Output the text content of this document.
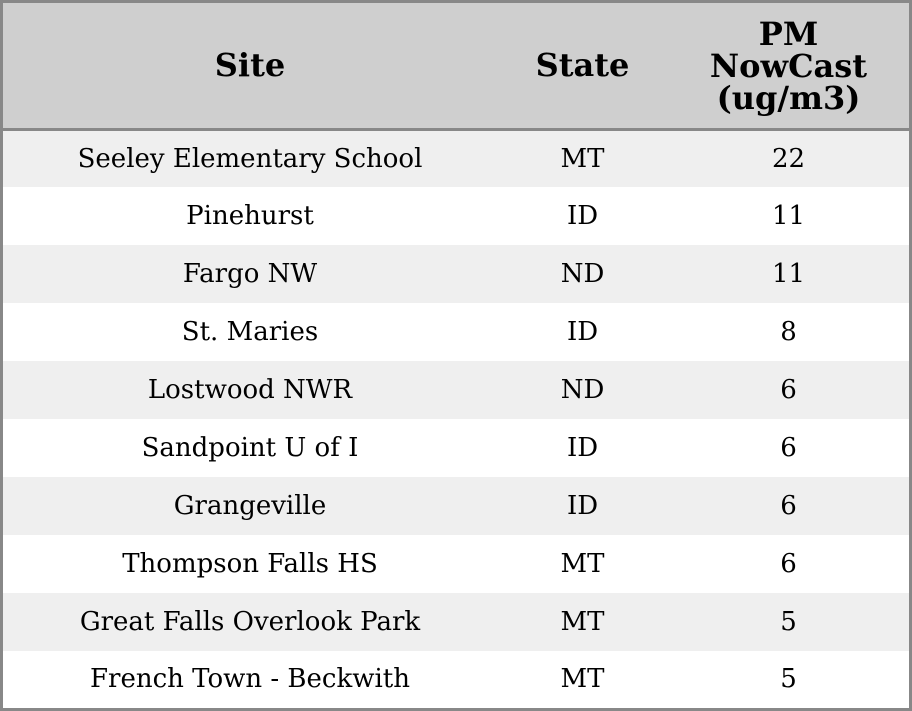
Site	State	PM
NowCast
(ug/m3)
Seeley Elementary School	MT	22
Pinehurst	ID	11
Fargo NW	ND	11
St. Maries	ID	8
Lostwood NWR	ND	6
Sandpoint U of I	ID	6
Grangeville	ID	6
Thompson Falls HS	MT	6
Great Falls Overlook Park	MT	5
French Town - Beckwith	MT	5
